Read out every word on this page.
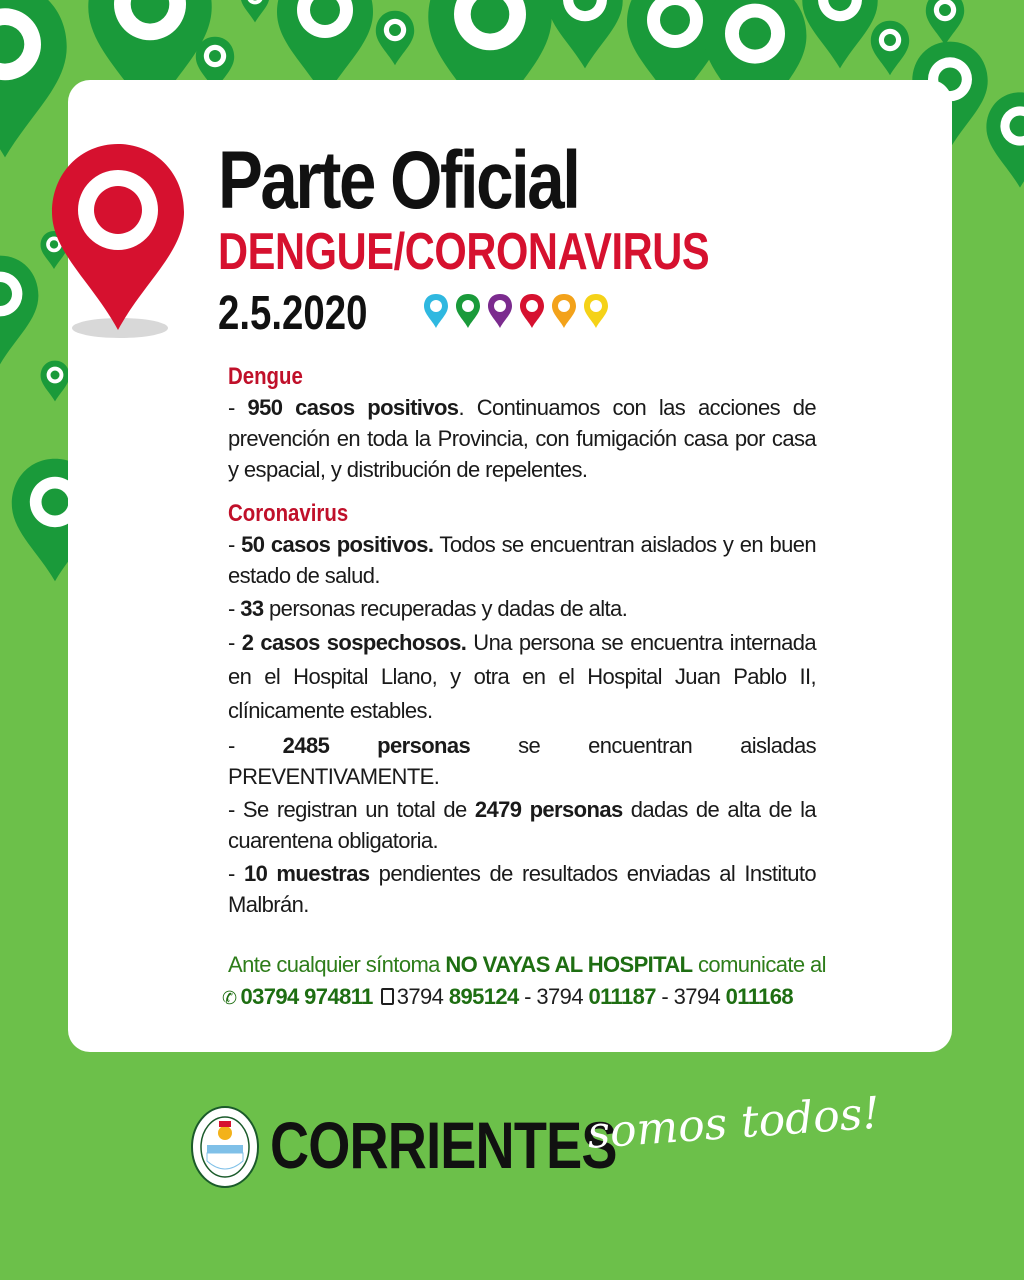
Parte Oficial
DENGUE/CORONAVIRUS
2.5.2020
Dengue

- 950 casos positivos. Continuamos con las acciones de prevención en toda la Provincia, con fumigación casa por casa y espacial, y distribución de repelentes.

Coronavirus

- 50 casos positivos. Todos se encuentran aislados y en buen estado de salud.

- 33 personas recuperadas y dadas de alta.

- 2 casos sospechosos. Una persona se encuentra internada en el Hospital Llano, y otra en el Hospital Juan Pablo II, clínicamente estables.

- 2485 personas se encuentran aisladas PREVENTIVAMENTE.

- Se registran un total de 2479 personas dadas de alta de la cuarentena obligatoria.

- 10 muestras pendientes de resultados enviadas al Instituto Malbrán.

Ante cualquier síntoma NO VAYAS AL HOSPITAL comunicate al
✆ 03794 974811 3794 895124 - 3794 011187 - 3794 011168
CORRIENTES
somos todos!
